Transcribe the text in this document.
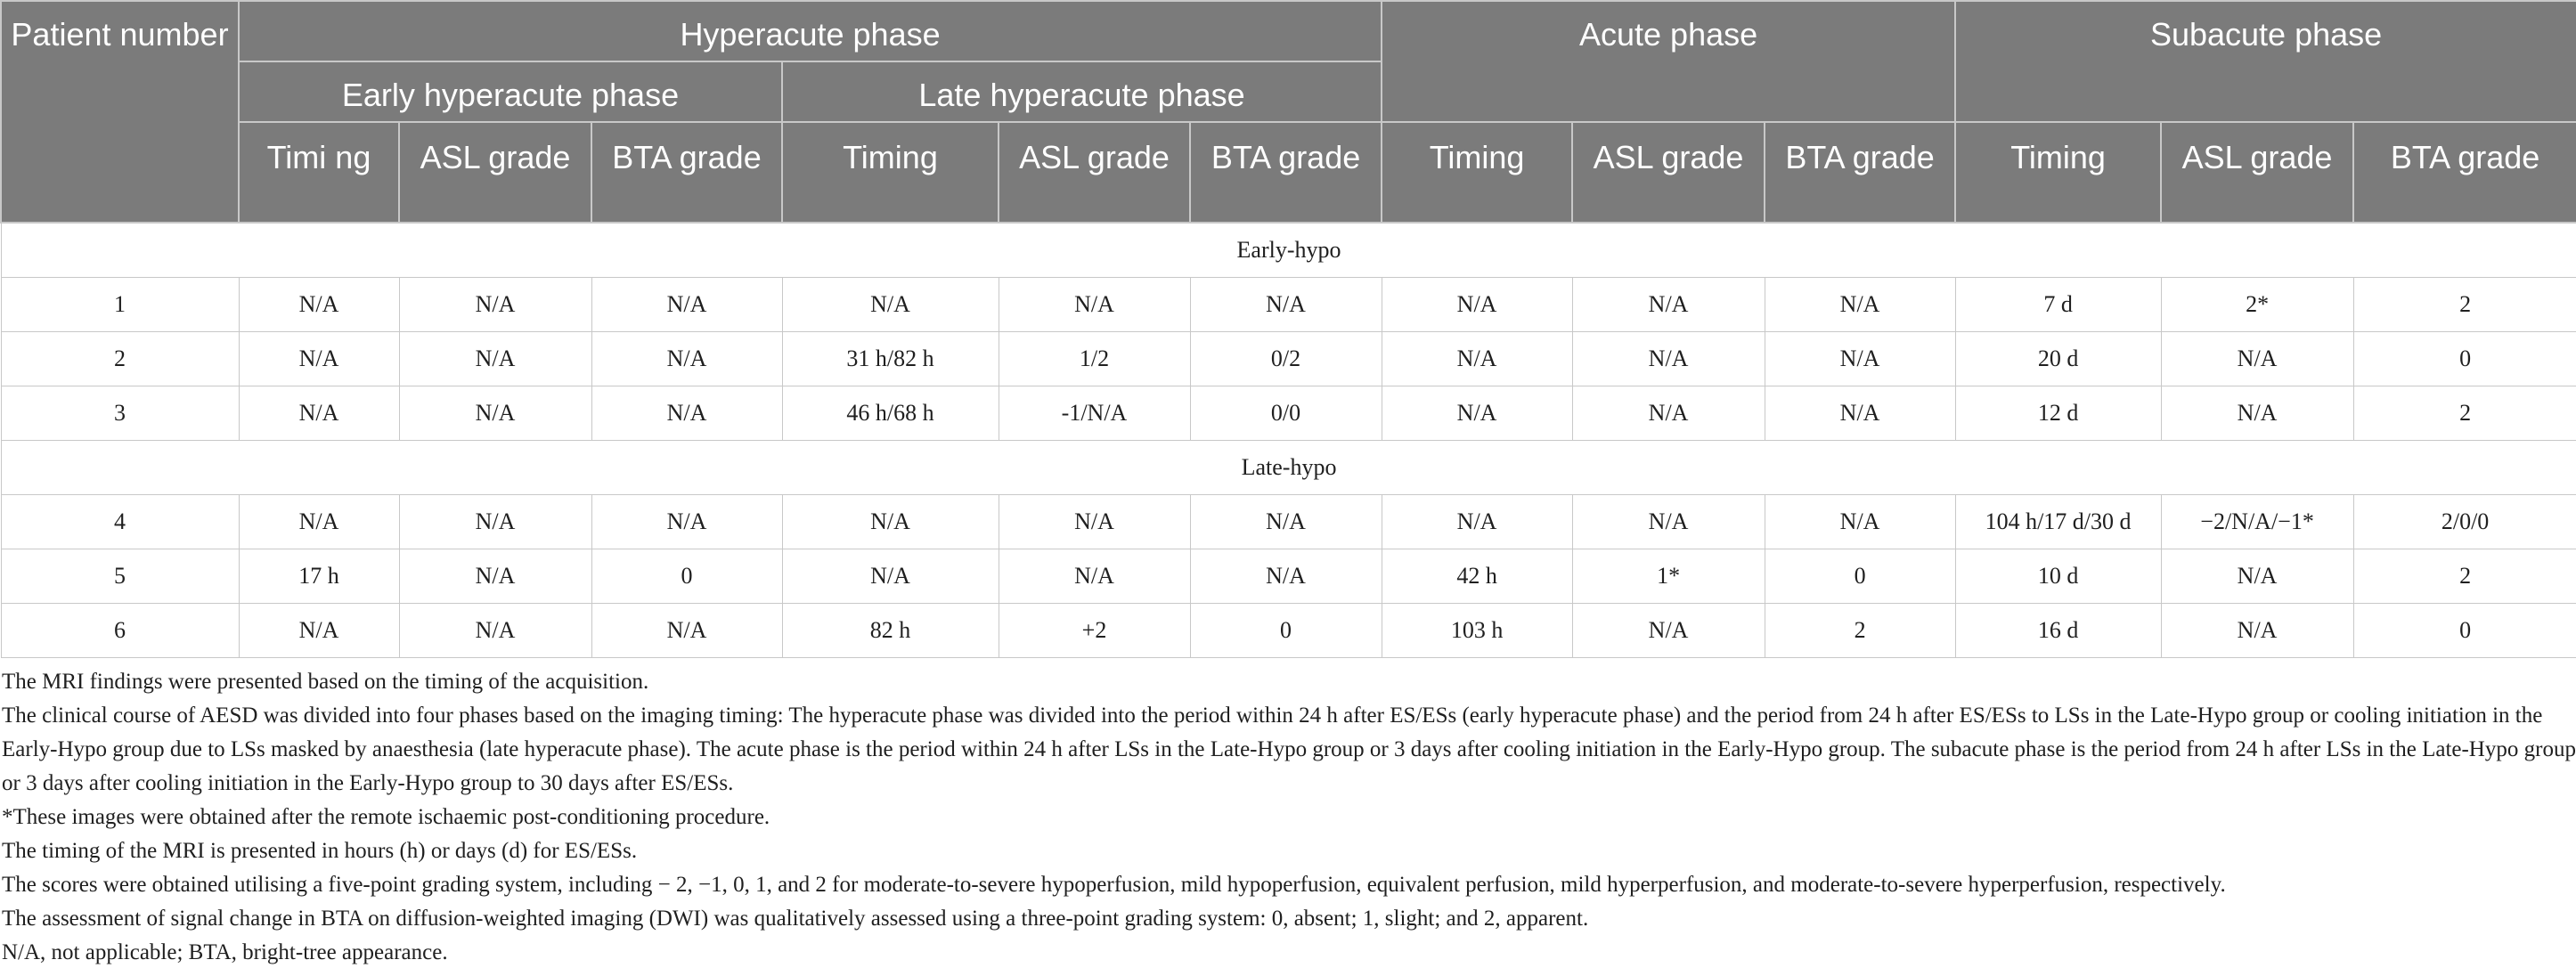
Patient number	Hyperacute phase						Acute phase			Subacute phase		
	Early hyperacute phase			Late hyperacute phase								
	Timi ng	ASL grade	BTA grade	Timing	ASL grade	BTA grade	Timing	ASL grade	BTA grade	Timing	ASL grade	BTA grade
Early-hypo												
1	N/A	N/A	N/A	N/A	N/A	N/A	N/A	N/A	N/A	7 d	2*	2
2	N/A	N/A	N/A	31 h/82 h	1/2	0/2	N/A	N/A	N/A	20 d	N/A	0
3	N/A	N/A	N/A	46 h/68 h	-1/N/A	0/0	N/A	N/A	N/A	12 d	N/A	2
Late-hypo												
4	N/A	N/A	N/A	N/A	N/A	N/A	N/A	N/A	N/A	104 h/17 d/30 d	−2/N/A/−1*	2/0/0
5	17 h	N/A	0	N/A	N/A	N/A	42 h	1*	0	10 d	N/A	2
6	N/A	N/A	N/A	82 h	+2	0	103 h	N/A	2	16 d	N/A	0

The MRI findings were presented based on the timing of the acquisition.

The clinical course of AESD was divided into four phases based on the imaging timing: The hyperacute phase was divided into the period within 24 h after ES/ESs (early hyperacute phase) and the period from 24 h after ES/ESs to LSs in the Late-Hypo group or cooling initiation in the Early-Hypo group due to LSs masked by anaesthesia (late hyperacute phase). The acute phase is the period within 24 h after LSs in the Late-Hypo group or 3 days after cooling initiation in the Early-Hypo group. The subacute phase is the period from 24 h after LSs in the Late-Hypo group or 3 days after cooling initiation in the Early-Hypo group to 30 days after ES/ESs.

*These images were obtained after the remote ischaemic post-conditioning procedure.

The timing of the MRI is presented in hours (h) or days (d) for ES/ESs.

The scores were obtained utilising a five-point grading system, including − 2, −1, 0, 1, and 2 for moderate-to-severe hypoperfusion, mild hypoperfusion, equivalent perfusion, mild hyperperfusion, and moderate-to-severe hyperperfusion, respectively.

The assessment of signal change in BTA on diffusion-weighted imaging (DWI) was qualitatively assessed using a three-point grading system: 0, absent; 1, slight; and 2, apparent.

N/A, not applicable; BTA, bright-tree appearance.
